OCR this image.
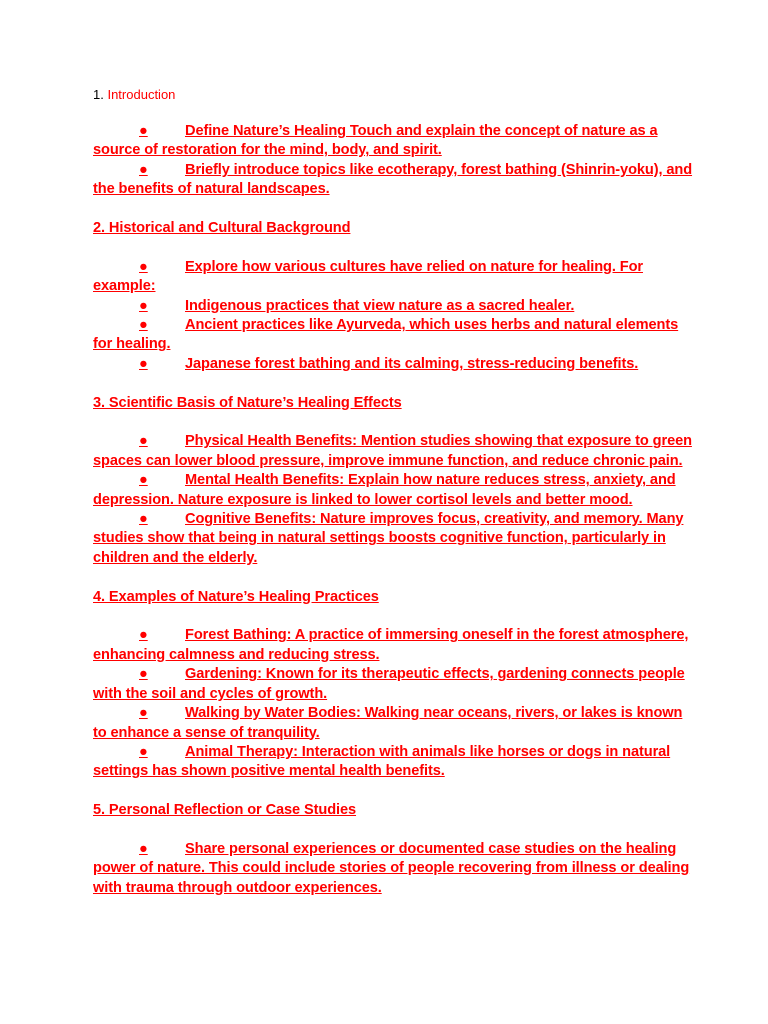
1. Introduction

●	Define Nature’s Healing Touch and explain the concept of nature as a source of restoration for the mind, body, and spirit.

●	Briefly introduce topics like ecotherapy, forest bathing (Shinrin-yoku), and the benefits of natural landscapes.

2. Historical and Cultural Background

●	Explore how various cultures have relied on nature for healing. For example:

●	Indigenous practices that view nature as a sacred healer.

●	Ancient practices like Ayurveda, which uses herbs and natural elements for healing.

●	Japanese forest bathing and its calming, stress-reducing benefits.

3. Scientific Basis of Nature’s Healing Effects

●	Physical Health Benefits: Mention studies showing that exposure to green spaces can lower blood pressure, improve immune function, and reduce chronic pain.

●	Mental Health Benefits: Explain how nature reduces stress, anxiety, and depression. Nature exposure is linked to lower cortisol levels and better mood.

●	Cognitive Benefits: Nature improves focus, creativity, and memory. Many studies show that being in natural settings boosts cognitive function, particularly in children and the elderly.

4. Examples of Nature’s Healing Practices

●	Forest Bathing: A practice of immersing oneself in the forest atmosphere, enhancing calmness and reducing stress.

●	Gardening: Known for its therapeutic effects, gardening connects people with the soil and cycles of growth.

●	Walking by Water Bodies: Walking near oceans, rivers, or lakes is known to enhance a sense of tranquility.

●	Animal Therapy: Interaction with animals like horses or dogs in natural settings has shown positive mental health benefits.

5. Personal Reflection or Case Studies

●	Share personal experiences or documented case studies on the healing power of nature. This could include stories of people recovering from illness or dealing with trauma through outdoor experiences.
